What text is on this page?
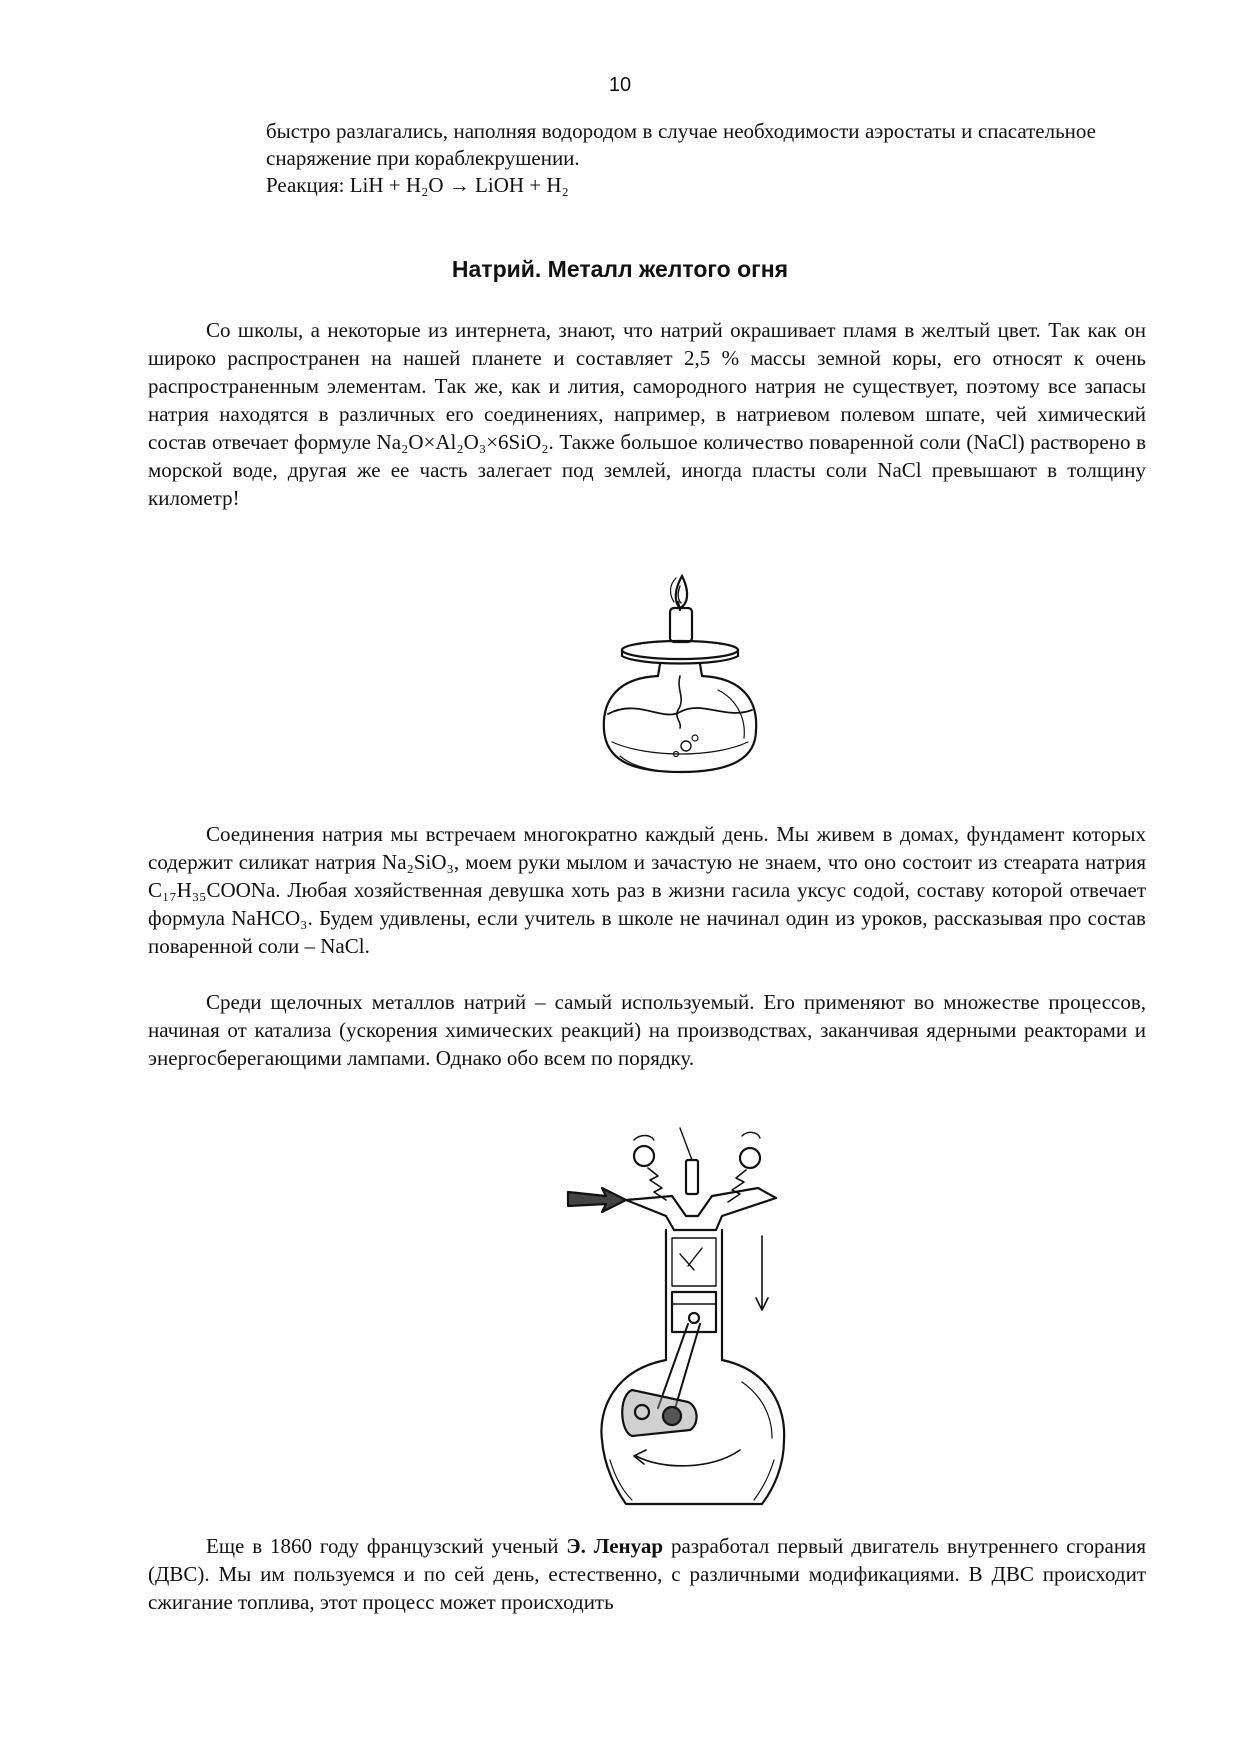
10

быстро разлагались, наполняя водородом в случае необходимости аэростаты и спасательное снаряжение при кораблекрушении.

Реакция: LiH + H₂O → LiOH + H₂

Натрий. Металл желтого огня

Со школы, а некоторые из интернета, знают, что натрий окрашивает пламя в желтый цвет. Так как он широко распространен на нашей планете и составляет 2,5 % массы земной коры, его относят к очень распространенным элементам. Так же, как и лития, самородного натрия не существует, поэтому все запасы натрия находятся в различных его соединениях, например, в натриевом полевом шпате, чей химический состав отвечает формуле Na₂O×Al₂O₃×6SiO₂. Также большое количество поваренной соли (NaCl) растворено в морской воде, другая же ее часть залегает под землей, иногда пласты соли NaCl превышают в толщину километр!

Соединения натрия мы встречаем многократно каждый день. Мы живем в домах, фундамент которых содержит силикат натрия Na₂SiO₃, моем руки мылом и зачастую не знаем, что оно состоит из стеарата натрия C₁₇H₃₅COONa. Любая хозяйственная девушка хоть раз в жизни гасила уксус содой, составу которой отвечает формула NaHCO₃. Будем удивлены, если учитель в школе не начинал один из уроков, рассказывая про состав поваренной соли – NaCl.

Среди щелочных металлов натрий – самый используемый. Его применяют во множестве процессов, начиная от катализа (ускорения химических реакций) на производствах, заканчивая ядерными реакторами и энергосберегающими лампами. Однако обо всем по порядку.

Еще в 1860 году французский ученый Э. Ленуар разработал первый двигатель внутреннего сгорания (ДВС). Мы им пользуемся и по сей день, естественно, с различными модификациями. В ДВС происходит сжигание топлива, этот процесс может происходить
